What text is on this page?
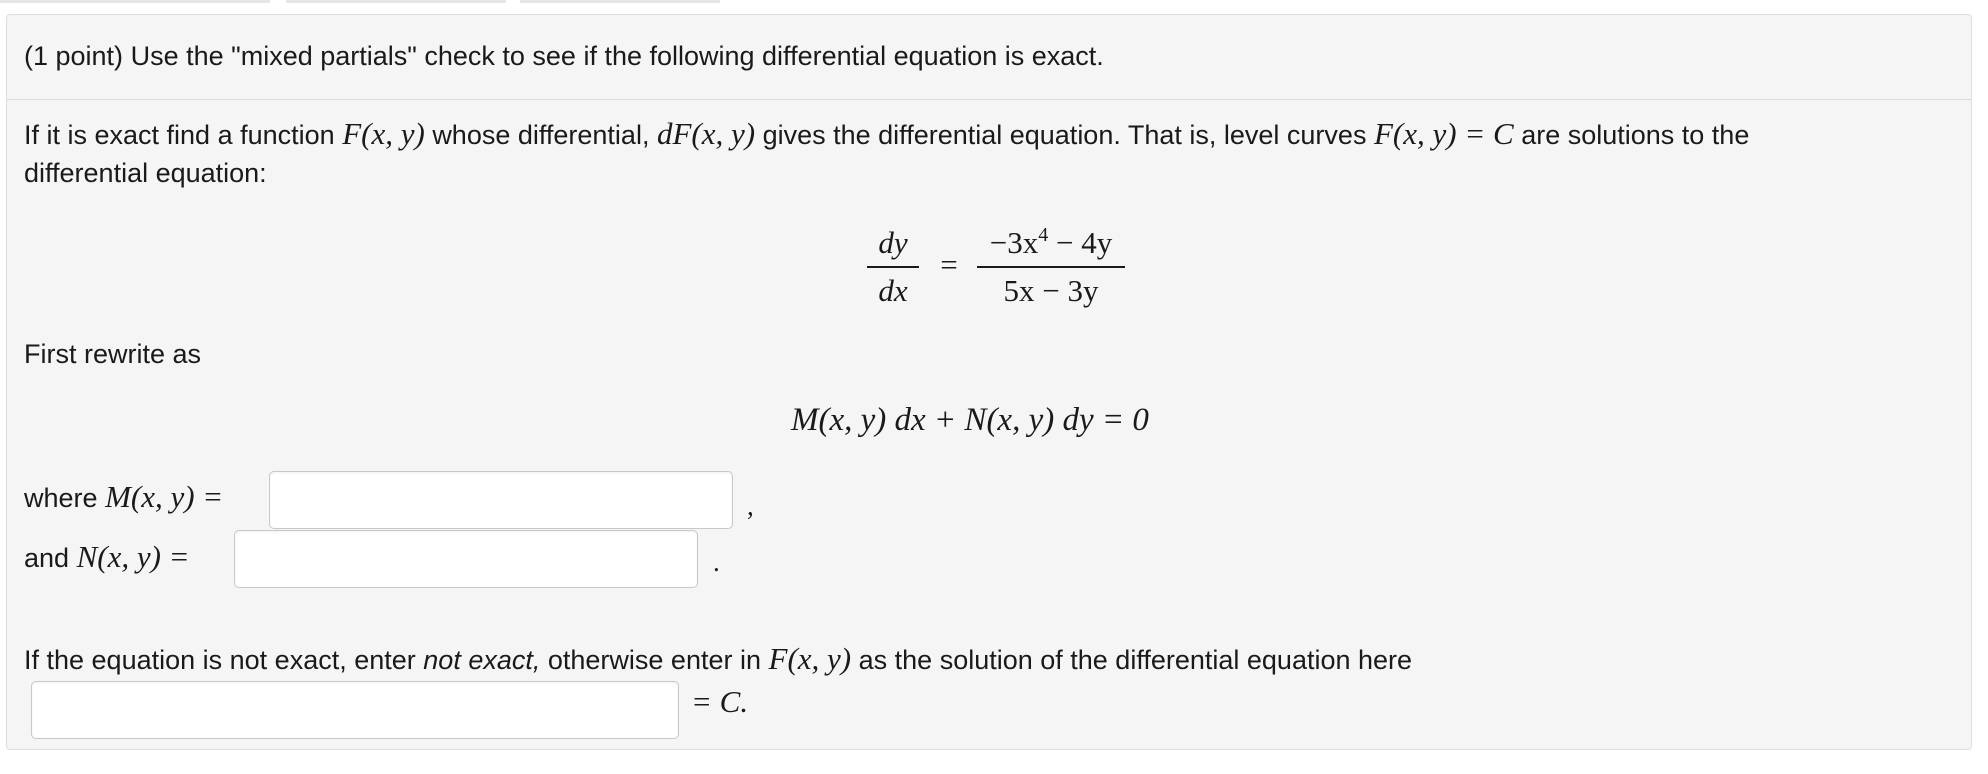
(1 point) Use the "mixed partials" check to see if the following differential equation is exact.
If it is exact find a function F(x, y) whose differential, dF(x, y) gives the differential equation. That is, level curves F(x, y) = C are solutions to the
differential equation:
dy
dx
=
$-3x^4 - 4y$
5x − 3y
First rewrite as
M(x, y) dx + N(x, y) dy = 0
where M(x, y) =	,
and N(x, y) =	.
If the equation is not exact, enter not exact, otherwise enter in F(x, y) as the solution of the differential equation here
= C.
